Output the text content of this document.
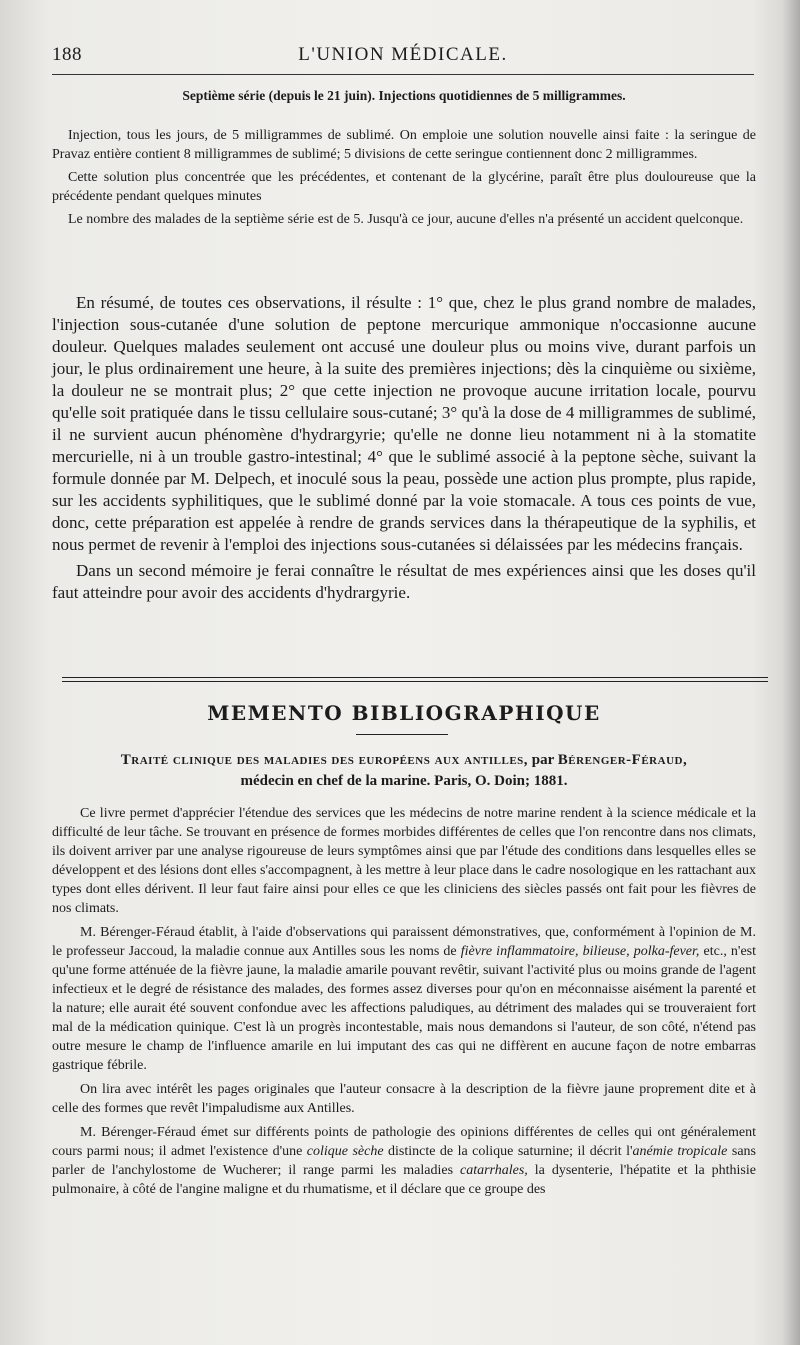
188	L'UNION MÉDICALE.
Septième série (depuis le 21 juin). Injections quotidiennes de 5 milligrammes.

Injection, tous les jours, de 5 milligrammes de sublimé. On emploie une solution nouvelle ainsi faite : la seringue de Pravaz entière contient 8 milligrammes de sublimé; 5 divisions de cette seringue contiennent donc 2 milligrammes.

Cette solution plus concentrée que les précédentes, et contenant de la glycérine, paraît être plus douloureuse que la précédente pendant quelques minutes

Le nombre des malades de la septième série est de 5. Jusqu'à ce jour, aucune d'elles n'a présenté un accident quelconque.

En résumé, de toutes ces observations, il résulte : 1° que, chez le plus grand nombre de malades, l'injection sous-cutanée d'une solution de peptone mercurique ammonique n'occasionne aucune douleur. Quelques malades seulement ont accusé une douleur plus ou moins vive, durant parfois un jour, le plus ordinairement une heure, à la suite des premières injections; dès la cinquième ou sixième, la douleur ne se montrait plus; 2° que cette injection ne provoque aucune irritation locale, pourvu qu'elle soit pratiquée dans le tissu cellulaire sous-cutané; 3° qu'à la dose de 4 milligrammes de sublimé, il ne survient aucun phénomène d'hydrargyrie; qu'elle ne donne lieu notamment ni à la stomatite mercurielle, ni à un trouble gastro-intestinal; 4° que le sublimé associé à la peptone sèche, suivant la formule donnée par M. Delpech, et inoculé sous la peau, possède une action plus prompte, plus rapide, sur les accidents syphilitiques, que le sublimé donné par la voie stomacale. A tous ces points de vue, donc, cette préparation est appelée à rendre de grands services dans la thérapeutique de la syphilis, et nous permet de revenir à l'emploi des injections sous-cutanées si délaissées par les médecins français.

Dans un second mémoire je ferai connaître le résultat de mes expériences ainsi que les doses qu'il faut atteindre pour avoir des accidents d'hydrargyrie.

MEMENTO BIBLIOGRAPHIQUE
Traité clinique des maladies des européens aux antilles, par Bérenger-Féraud,
médecin en chef de la marine. Paris, O. Doin; 1881.

Ce livre permet d'apprécier l'étendue des services que les médecins de notre marine rendent à la science médicale et la difficulté de leur tâche. Se trouvant en présence de formes morbides différentes de celles que l'on rencontre dans nos climats, ils doivent arriver par une analyse rigoureuse de leurs symptômes ainsi que par l'étude des conditions dans lesquelles elles se développent et des lésions dont elles s'accompagnent, à les mettre à leur place dans le cadre nosologique en les rattachant aux types dont elles dérivent. Il leur faut faire ainsi pour elles ce que les cliniciens des siècles passés ont fait pour les fièvres de nos climats.

M. Bérenger-Féraud établit, à l'aide d'observations qui paraissent démonstratives, que, conformément à l'opinion de M. le professeur Jaccoud, la maladie connue aux Antilles sous les noms de fièvre inflammatoire, bilieuse, polka-fever, etc., n'est qu'une forme atténuée de la fièvre jaune, la maladie amarile pouvant revêtir, suivant l'activité plus ou moins grande de l'agent infectieux et le degré de résistance des malades, des formes assez diverses pour qu'on en méconnaisse aisément la parenté et la nature; elle aurait été souvent confondue avec les affections paludiques, au détriment des malades qui se trouveraient fort mal de la médication quinique. C'est là un progrès incontestable, mais nous demandons si l'auteur, de son côté, n'étend pas outre mesure le champ de l'influence amarile en lui imputant des cas qui ne diffèrent en aucune façon de notre embarras gastrique fébrile.

On lira avec intérêt les pages originales que l'auteur consacre à la description de la fièvre jaune proprement dite et à celle des formes que revêt l'impaludisme aux Antilles.

M. Bérenger-Féraud émet sur différents points de pathologie des opinions différentes de celles qui ont généralement cours parmi nous; il admet l'existence d'une colique sèche distincte de la colique saturnine; il décrit l'anémie tropicale sans parler de l'anchylostome de Wucherer; il range parmi les maladies catarrhales, la dysenterie, l'hépatite et la phthisie pulmonaire, à côté de l'angine maligne et du rhumatisme, et il déclare que ce groupe des
